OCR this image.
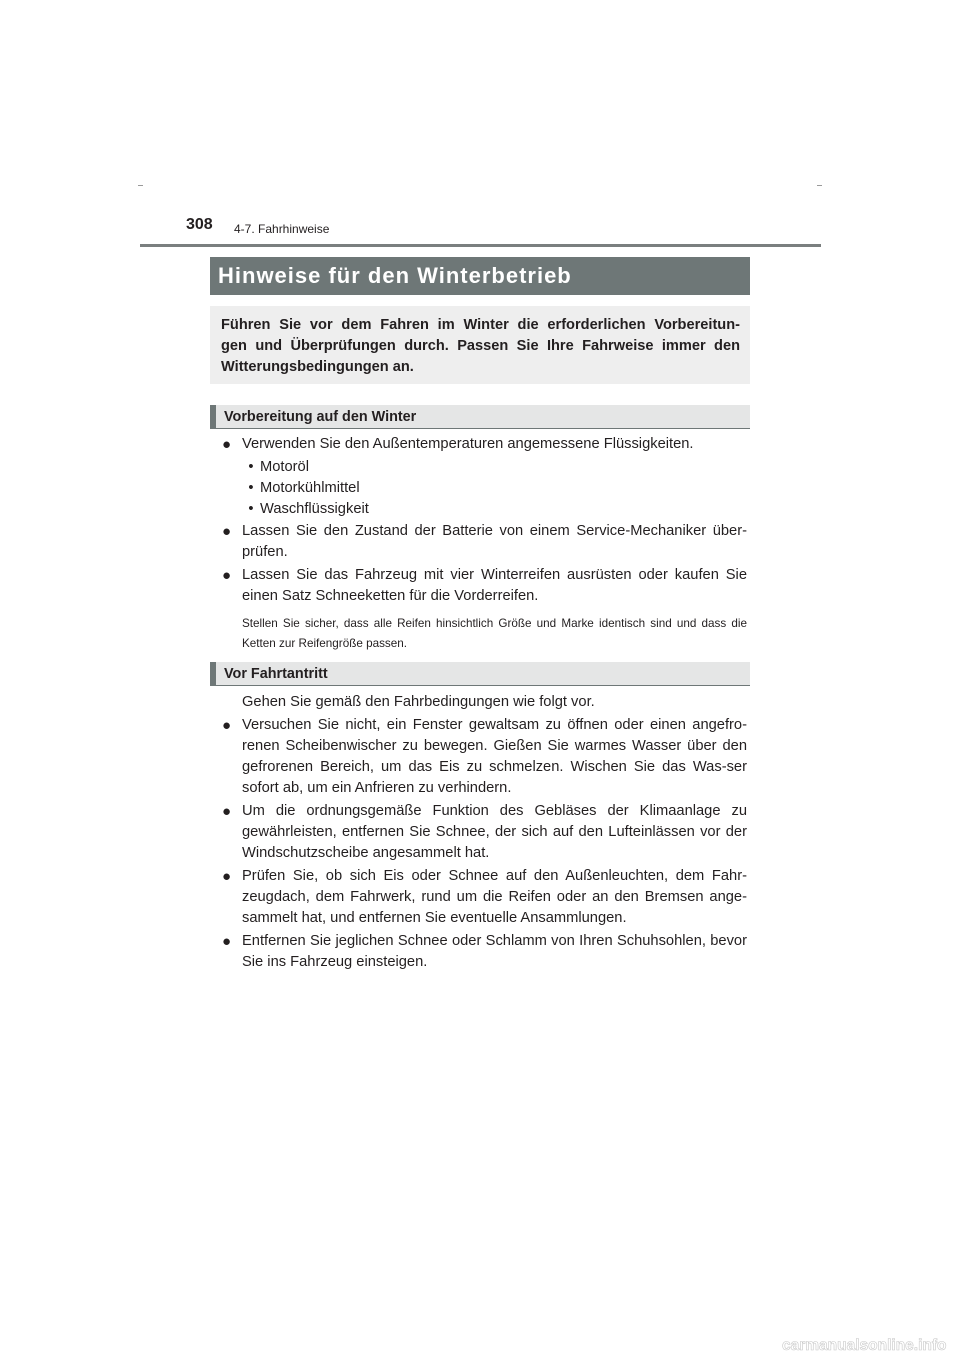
308 4-7. Fahrhinweise
Hinweise für den Winterbetrieb
Führen Sie vor dem Fahren im Winter die erforderlichen Vorbereitun-
gen und Überprüfungen durch. Passen Sie Ihre Fahrweise immer den
Witterungsbedingungen an.
Vorbereitung auf den Winter
● Verwenden Sie den Außentemperaturen angemessene Flüssigkeiten.
• Motoröl
• Motorkühlmittel
• Waschflüssigkeit
● Lassen Sie den Zustand der Batterie von einem Service-Mechaniker über-prüfen.
● Lassen Sie das Fahrzeug mit vier Winterreifen ausrüsten oder kaufen Sie einen Satz Schneeketten für die Vorderreifen.
Stellen Sie sicher, dass alle Reifen hinsichtlich Größe und Marke identisch sind und dass die Ketten zur Reifengröße passen.
Vor Fahrtantritt
Gehen Sie gemäß den Fahrbedingungen wie folgt vor.
● Versuchen Sie nicht, ein Fenster gewaltsam zu öffnen oder einen angefro-renen Scheibenwischer zu bewegen. Gießen Sie warmes Wasser über den gefrorenen Bereich, um das Eis zu schmelzen. Wischen Sie das Was-ser sofort ab, um ein Anfrieren zu verhindern.
● Um die ordnungsgemäße Funktion des Gebläses der Klimaanlage zu gewährleisten, entfernen Sie Schnee, der sich auf den Lufteinlässen vor der Windschutzscheibe angesammelt hat.
● Prüfen Sie, ob sich Eis oder Schnee auf den Außenleuchten, dem Fahr-zeugdach, dem Fahrwerk, rund um die Reifen oder an den Bremsen ange-sammelt hat, und entfernen Sie eventuelle Ansammlungen.
● Entfernen Sie jeglichen Schnee oder Schlamm von Ihren Schuhsohlen, bevor Sie ins Fahrzeug einsteigen.
carmanualsonline.info
